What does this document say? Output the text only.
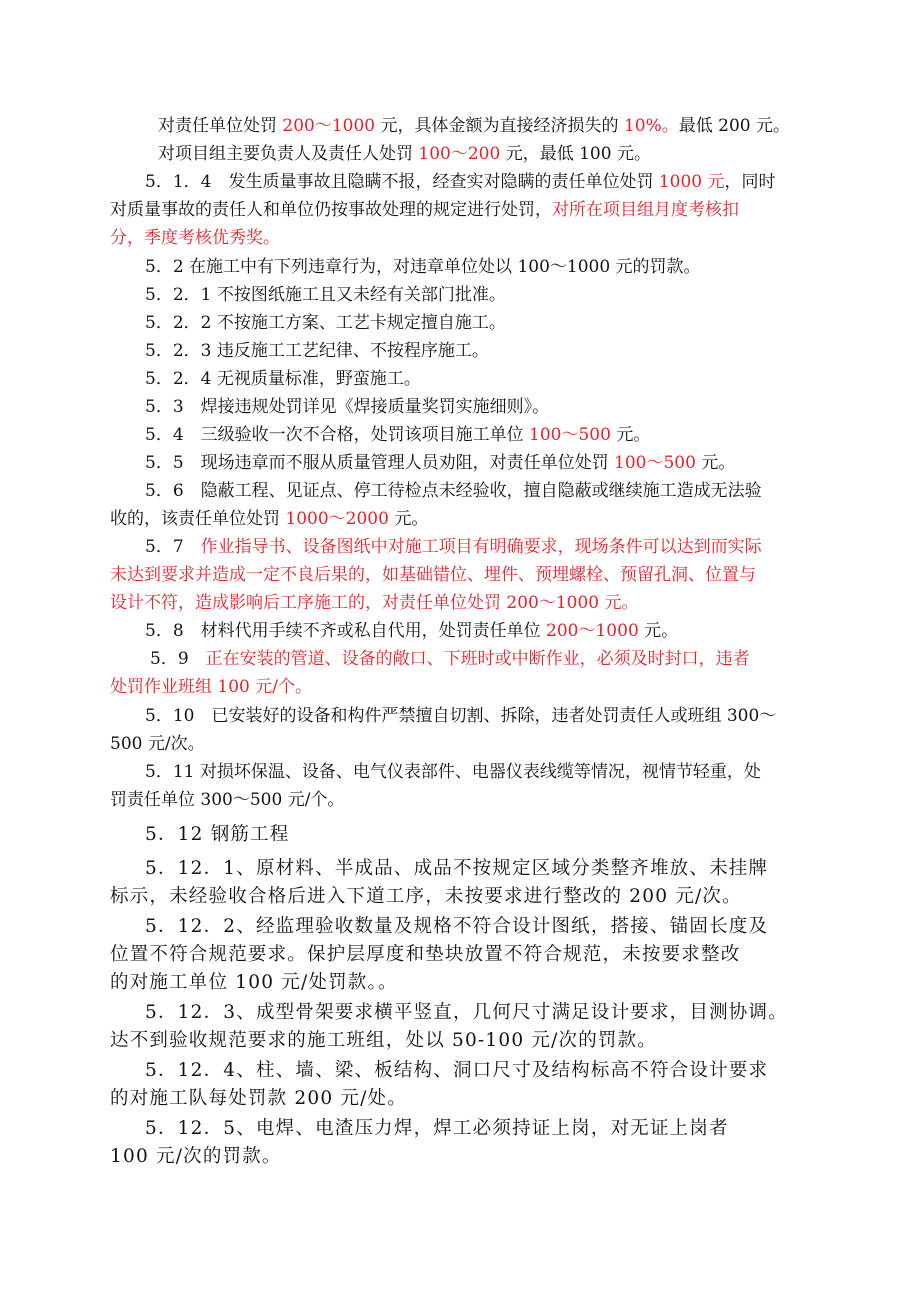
对责任单位处罚 200～1000 元，具体金额为直接经济损失的 10%。最低 200 元。

对项目组主要负责人及责任人处罚 100～200 元，最低 100 元。

5．1．4　发生质量事故且隐瞒不报，经查实对隐瞒的责任单位处罚 1000 元，同时

对质量事故的责任人和单位仍按事故处理的规定进行处罚，对所在项目组月度考核扣

分，季度考核优秀奖。

5．2 在施工中有下列违章行为，对违章单位处以 100～1000 元的罚款。

5．2．1 不按图纸施工且又未经有关部门批准。

5．2．2 不按施工方案、工艺卡规定擅自施工。

5．2．3 违反施工工艺纪律、不按程序施工。

5．2．4 无视质量标准，野蛮施工。

5．3　焊接违规处罚详见《焊接质量奖罚实施细则》。

5．4　三级验收一次不合格，处罚该项目施工单位 100～500 元。

5．5　现场违章而不服从质量管理人员劝阻，对责任单位处罚 100～500 元。

5．6　隐蔽工程、见证点、停工待检点未经验收，擅自隐蔽或继续施工造成无法验

收的，该责任单位处罚 1000～2000 元。

5．7　作业指导书、设备图纸中对施工项目有明确要求，现场条件可以达到而实际

未达到要求并造成一定不良后果的，如基础错位、埋件、预埋螺栓、预留孔洞、位置与

设计不符，造成影响后工序施工的，对责任单位处罚 200～1000 元。

5．8　材料代用手续不齐或私自代用，处罚责任单位 200～1000 元。

5．9　正在安装的管道、设备的敞口、下班时或中断作业，必须及时封口，违者

处罚作业班组 100 元/个。

5．10　已安装好的设备和构件严禁擅自切割、拆除，违者处罚责任人或班组 300～

500 元/次。

5．11 对损坏保温、设备、电气仪表部件、电器仪表线缆等情况，视情节轻重，处

罚责任单位 300～500 元/个。

5．12 钢筋工程

5．12．1、原材料、半成品、成品不按规定区域分类整齐堆放、未挂牌

标示，未经验收合格后进入下道工序，未按要求进行整改的 200 元/次。

5．12．2、经监理验收数量及规格不符合设计图纸，搭接、锚固长度及

位置不符合规范要求。保护层厚度和垫块放置不符合规范，未按要求整改

的对施工单位 100 元/处罚款。。

5．12．3、成型骨架要求横平竖直，几何尺寸满足设计要求，目测协调。

达不到验收规范要求的施工班组，处以 50-100 元/次的罚款。

5．12．4、柱、墙、梁、板结构、洞口尺寸及结构标高不符合设计要求

的对施工队每处罚款 200 元/处。

5．12．5、电焊、电渣压力焊，焊工必须持证上岗，对无证上岗者

100 元/次的罚款。
